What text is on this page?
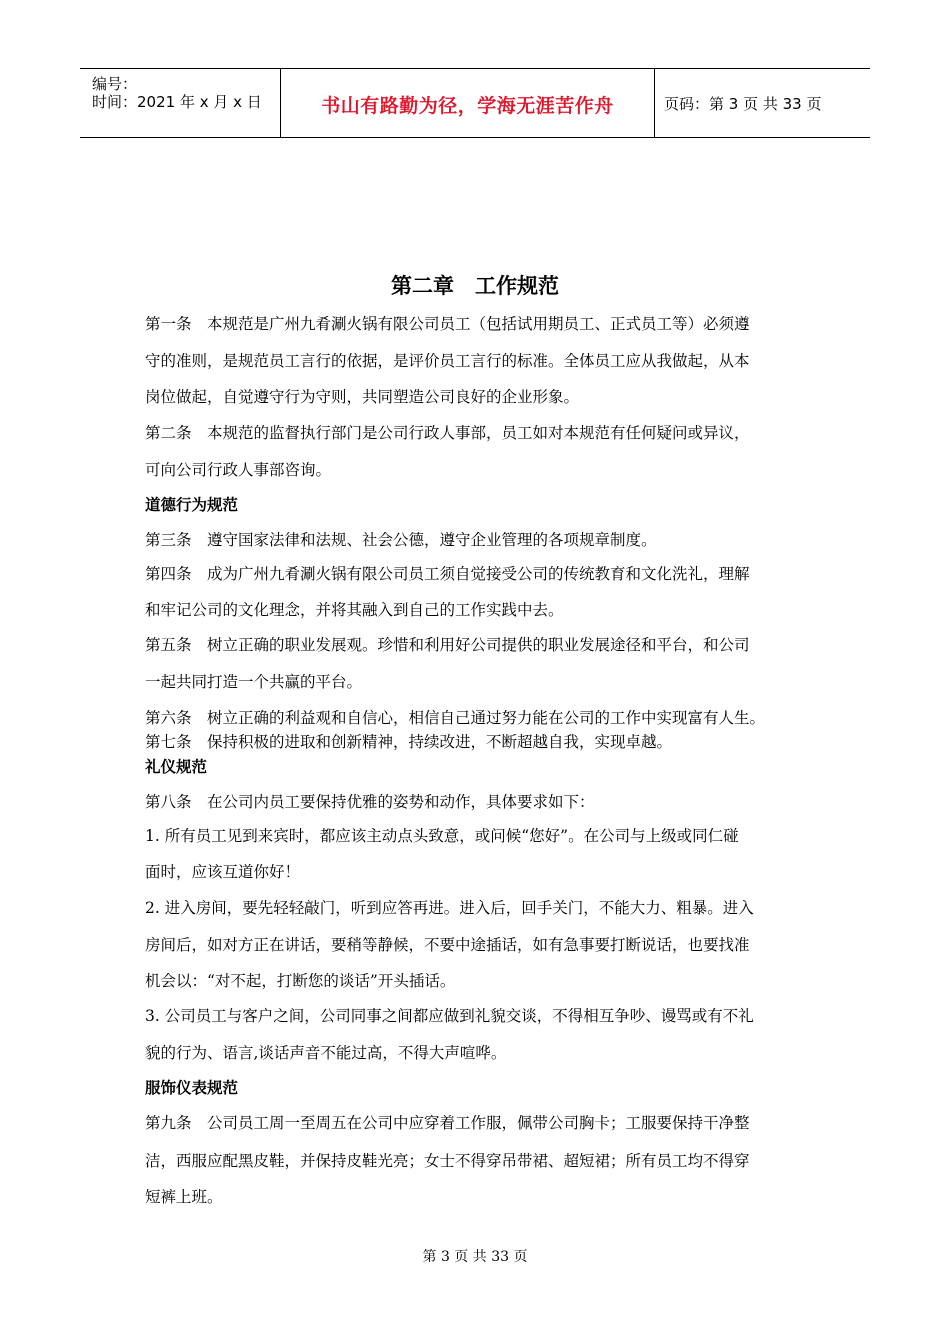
编号：
时间：2021 年 x 月 x 日	书山有路勤为径，学海无涯苦作舟	页码：第 3 页 共 33 页
第二章　工作规范
第一条　本规范是广州九肴涮火锅有限公司员工（包括试用期员工、正式员工等）必须遵
守的准则，是规范员工言行的依据，是评价员工言行的标准。全体员工应从我做起，从本
岗位做起，自觉遵守行为守则，共同塑造公司良好的企业形象。
第二条　本规范的监督执行部门是公司行政人事部，员工如对本规范有任何疑问或异议，
可向公司行政人事部咨询。
道德行为规范
第三条　遵守国家法律和法规、社会公德，遵守企业管理的各项规章制度。
第四条　成为广州九肴涮火锅有限公司员工须自觉接受公司的传统教育和文化洗礼，理解
和牢记公司的文化理念，并将其融入到自己的工作实践中去。
第五条　树立正确的职业发展观。珍惜和利用好公司提供的职业发展途径和平台，和公司
一起共同打造一个共赢的平台。
第六条　树立正确的利益观和自信心，相信自己通过努力能在公司的工作中实现富有人生。
第七条　保持积极的进取和创新精神，持续改进，不断超越自我，实现卓越。
礼仪规范
第八条　在公司内员工要保持优雅的姿势和动作，具体要求如下：
1. 所有员工见到来宾时，都应该主动点头致意，或问候“您好”。在公司与上级或同仁碰
面时，应该互道你好！
2. 进入房间，要先轻轻敲门，听到应答再进。进入后，回手关门，不能大力、粗暴。进入
房间后，如对方正在讲话，要稍等静候，不要中途插话，如有急事要打断说话，也要找准
机会以：“对不起，打断您的谈话”开头插话。
3. 公司员工与客户之间，公司同事之间都应做到礼貌交谈，不得相互争吵、谩骂或有不礼
貌的行为、语言,谈话声音不能过高，不得大声喧哗。
服饰仪表规范
第九条　公司员工周一至周五在公司中应穿着工作服，佩带公司胸卡；工服要保持干净整
洁，西服应配黑皮鞋，并保持皮鞋光亮；女士不得穿吊带裙、超短裙；所有员工均不得穿
短裤上班。
第 3 页 共 33 页
